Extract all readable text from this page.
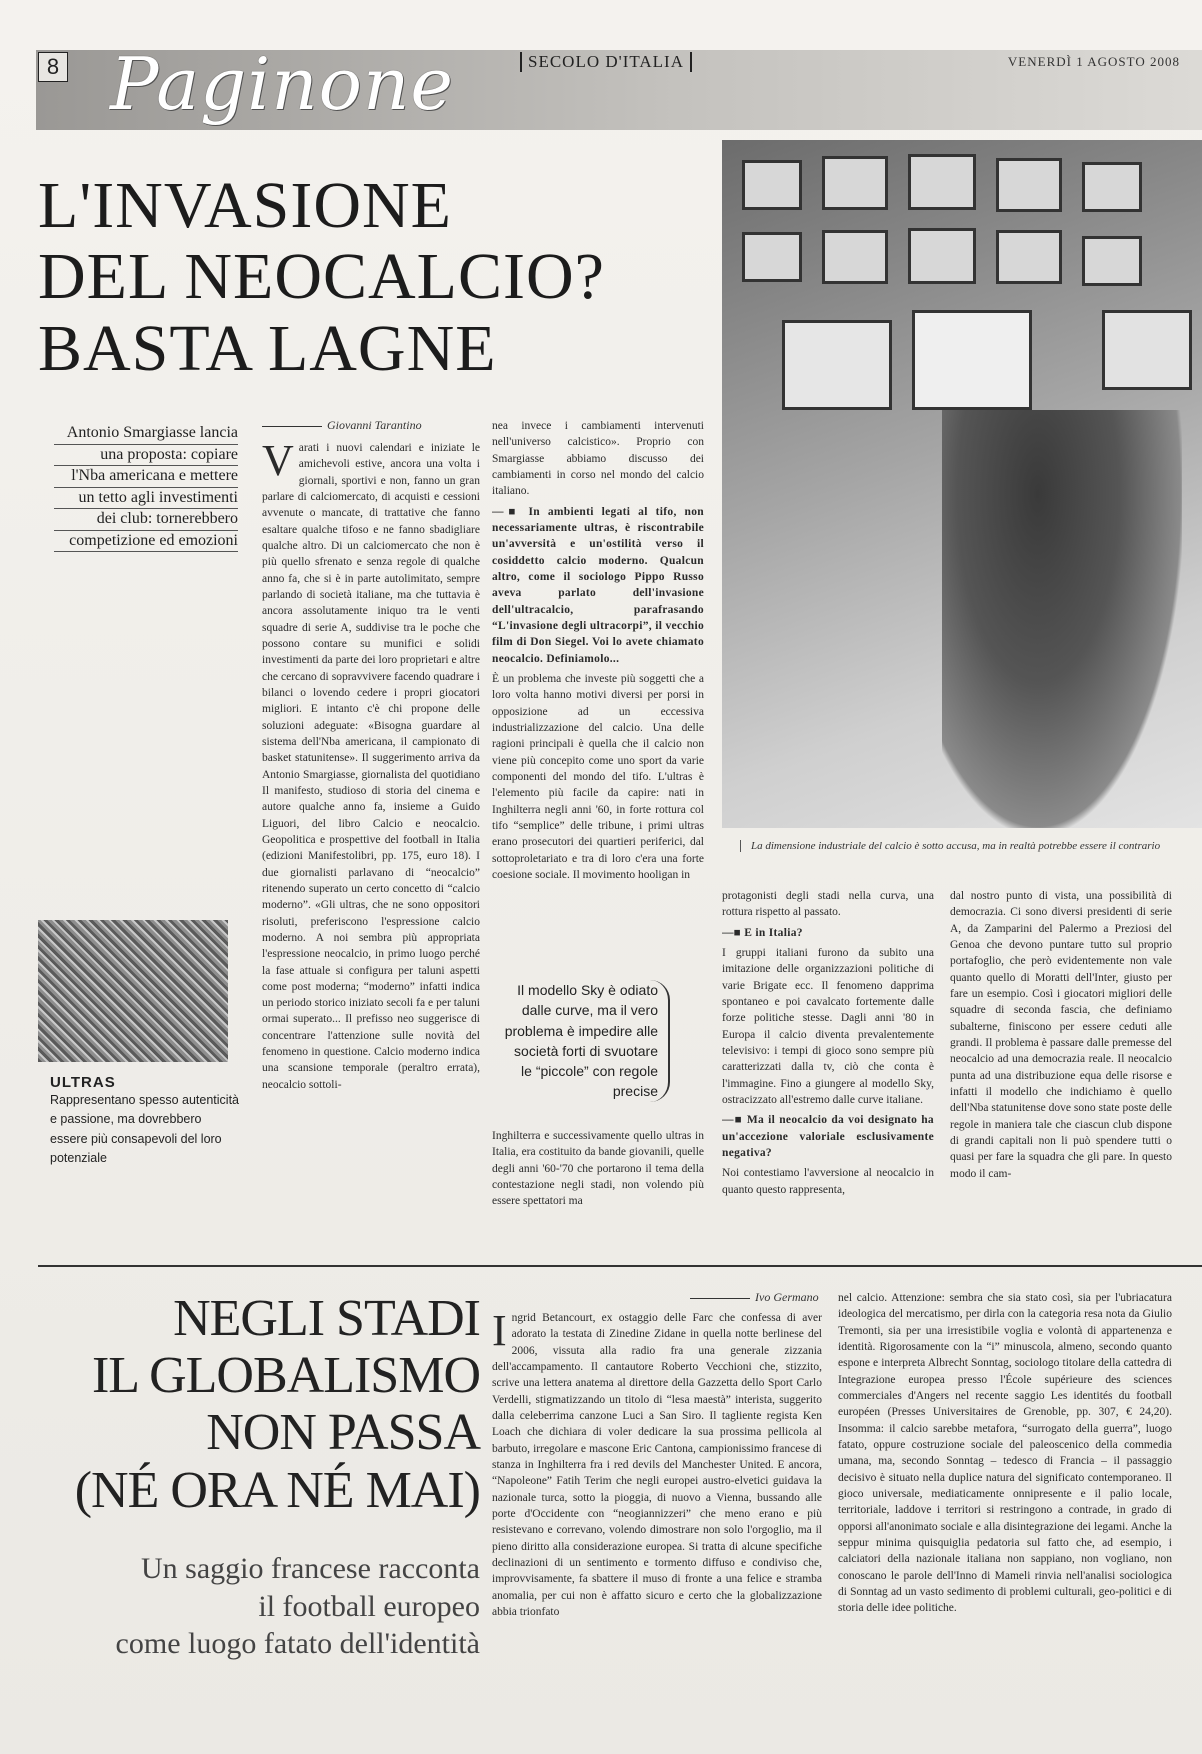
8 Paginone	SECOLO D'ITALIA	VENERDÌ 1 AGOSTO 2008
L'INVASIONE
DEL NEOCALCIO?
BASTA LAGNE
La dimensione industriale del calcio è sotto accusa, ma in realtà potrebbe essere il contrario
Antonio Smargiasse lancia
una proposta: copiare
l'Nba americana e mettere
un tetto agli investimenti
dei club: tornerebbero
competizione ed emozioni
Giovanni Tarantino
Varati i nuovi calendari e iniziate le amichevoli estive, ancora una volta i giornali, sportivi e non, fanno un gran parlare di calciomercato, di acquisti e cessioni avvenute o mancate, di trattative che fanno esaltare qualche tifoso e ne fanno sbadigliare qualche altro. Di un calciomercato che non è più quello sfrenato e senza regole di qualche anno fa, che si è in parte autolimitato, sempre parlando di società italiane, ma che tuttavia è ancora assolutamente iniquo tra le venti squadre di serie A, suddivise tra le poche che possono contare su munifici e solidi investimenti da parte dei loro proprietari e altre che cercano di sopravvivere facendo quadrare i bilanci o lovendo cedere i propri giocatori migliori. E intanto c'è chi propone delle soluzioni adeguate: «Bisogna guardare al sistema dell'Nba americana, il campionato di basket statunitense». Il suggerimento arriva da Antonio Smargiasse, giornalista del quotidiano Il manifesto, studioso di storia del cinema e autore qualche anno fa, insieme a Guido Liguori, del libro Calcio e neocalcio. Geopolitica e prospettive del football in Italia (edizioni Manifestolibri, pp. 175, euro 18). I due giornalisti parlavano di “neocalcio” ritenendo superato un certo concetto di “calcio moderno”. «Gli ultras, che ne sono oppositori risoluti, preferiscono l'espressione calcio moderno. A noi sembra più appropriata l'espressione neocalcio, in primo luogo perché la fase attuale si configura per taluni aspetti come post moderna; “moderno” infatti indica un periodo storico iniziato secoli fa e per taluni ormai superato... Il prefisso neo suggerisce di concentrare l'attenzione sulle novità del fenomeno in questione. Calcio moderno indica una scansione temporale (peraltro errata), neocalcio sottoli-

nea invece i cambiamenti intervenuti nell'universo calcistico». Proprio con Smargiasse abbiamo discusso dei cambiamenti in corso nel mondo del calcio italiano.

—■ In ambienti legati al tifo, non necessariamente ultras, è riscontrabile un'avversità e un'ostilità verso il cosiddetto calcio moderno. Qualcun altro, come il sociologo Pippo Russo aveva parlato dell'invasione dell'ultracalcio, parafrasando “L'invasione degli ultracorpi”, il vecchio film di Don Siegel. Voi lo avete chiamato neocalcio. Definiamolo...

È un problema che investe più soggetti che a loro volta hanno motivi diversi per porsi in opposizione ad un eccessiva industrializzazione del calcio. Una delle ragioni principali è quella che il calcio non viene più concepito come uno sport da varie componenti del mondo del tifo. L'ultras è l'elemento più facile da capire: nati in Inghilterra negli anni '60, in forte rottura col tifo “semplice” delle tribune, i primi ultras erano prosecutori dei quartieri periferici, dal sottoproletariato e tra di loro c'era una forte coesione sociale. Il movimento hooligan in

Il modello Sky è odiato dalle curve, ma il vero problema è impedire alle società forti di svuotare le “piccole” con regole precise

Inghilterra e successivamente quello ultras in Italia, era costituito da bande giovanili, quelle degli anni '60-'70 che portarono il tema della contestazione negli stadi, non volendo più essere spettatori ma

protagonisti degli stadi nella curva, una rottura rispetto al passato.

—■ E in Italia?

I gruppi italiani furono da subito una imitazione delle organizzazioni politiche di varie Brigate ecc. Il fenomeno dapprima spontaneo e poi cavalcato fortemente dalle forze politiche stesse. Dagli anni '80 in Europa il calcio diventa prevalentemente televisivo: i tempi di gioco sono sempre più caratterizzati dalla tv, ciò che conta è l'immagine. Fino a giungere al modello Sky, ostracizzato all'estremo dalle curve italiane.

—■ Ma il neocalcio da voi designato ha un'accezione valoriale esclusivamente negativa?

Noi contestiamo l'avversione al neocalcio in quanto questo rappresenta,

dal nostro punto di vista, una possibilità di democrazia. Ci sono diversi presidenti di serie A, da Zamparini del Palermo a Preziosi del Genoa che devono puntare tutto sul proprio portafoglio, che però evidentemente non vale quanto quello di Moratti dell'Inter, giusto per fare un esempio. Così i giocatori migliori delle squadre di seconda fascia, che definiamo subalterne, finiscono per essere ceduti alle grandi. Il problema è passare dalle premesse del neocalcio ad una democrazia reale. Il neocalcio punta ad una distribuzione equa delle risorse e infatti il modello che indichiamo è quello dell'Nba statunitense dove sono state poste delle regole in maniera tale che ciascun club dispone di grandi capitali non li può spendere tutti o quasi per fare la squadra che gli pare. In questo modo il cam-

ULTRAS
Rappresentano spesso autenticità e passione, ma dovrebbero essere più consapevoli del loro potenziale
NEGLI STADI
IL GLOBALISMO
NON PASSA
(NÉ ORA NÉ MAI)
Un saggio francese racconta
il football europeo
come luogo fatato dell'identità
Ivo Germano
Ingrid Betancourt, ex ostaggio delle Farc che confessa di aver adorato la testata di Zinedine Zidane in quella notte berlinese del 2006, vissuta alla radio fra una generale zizzania dell'accampamento. Il cantautore Roberto Vecchioni che, stizzito, scrive una lettera anatema al direttore della Gazzetta dello Sport Carlo Verdelli, stigmatizzando un titolo di “lesa maestà” interista, suggerito dalla celeberrima canzone Luci a San Siro. Il tagliente regista Ken Loach che dichiara di voler dedicare la sua prossima pellicola al barbuto, irregolare e mascone Eric Cantona, campionissimo francese di stanza in Inghilterra fra i red devils del Manchester United. E ancora, “Napoleone” Fatih Terim che negli europei austro-elvetici guidava la nazionale turca, sotto la pioggia, di nuovo a Vienna, bussando alle porte d'Occidente con “neogiannizzeri” che meno erano e più resistevano e correvano, volendo dimostrare non solo l'orgoglio, ma il pieno diritto alla considerazione europea. Si tratta di alcune specifiche declinazioni di un sentimento e tormento diffuso e condiviso che, improvvisamente, fa sbattere il muso di fronte a una felice e stramba anomalia, per cui non è affatto sicuro e certo che la globalizzazione abbia trionfato

nel calcio. Attenzione: sembra che sia stato così, sia per l'ubriacatura ideologica del mercatismo, per dirla con la categoria resa nota da Giulio Tremonti, sia per una irresistibile voglia e volontà di appartenenza e identità. Rigorosamente con la “i” minuscola, almeno, secondo quanto espone e interpreta Albrecht Sonntag, sociologo titolare della cattedra di Integrazione europea presso l'École supérieure des sciences commerciales d'Angers nel recente saggio Les identités du football européen (Presses Universitaires de Grenoble, pp. 307, € 24,20). Insomma: il calcio sarebbe metafora, “surrogato della guerra”, luogo fatato, oppure costruzione sociale del paleoscenico della commedia umana, ma, secondo Sonntag – tedesco di Francia – il passaggio decisivo è situato nella duplice natura del significato contemporaneo. Il gioco universale, mediaticamente onnipresente e il palio locale, territoriale, laddove i territori si restringono a contrade, in grado di opporsi all'anonimato sociale e alla disintegrazione dei legami. Anche la seppur minima quisquiglia pedatoria sul fatto che, ad esempio, i calciatori della nazionale italiana non sappiano, non vogliano, non conoscano le parole dell'Inno di Mameli rinvia nell'analisi sociologica di Sonntag ad un vasto sedimento di problemi culturali, geo-politici e di storia delle idee politiche.
